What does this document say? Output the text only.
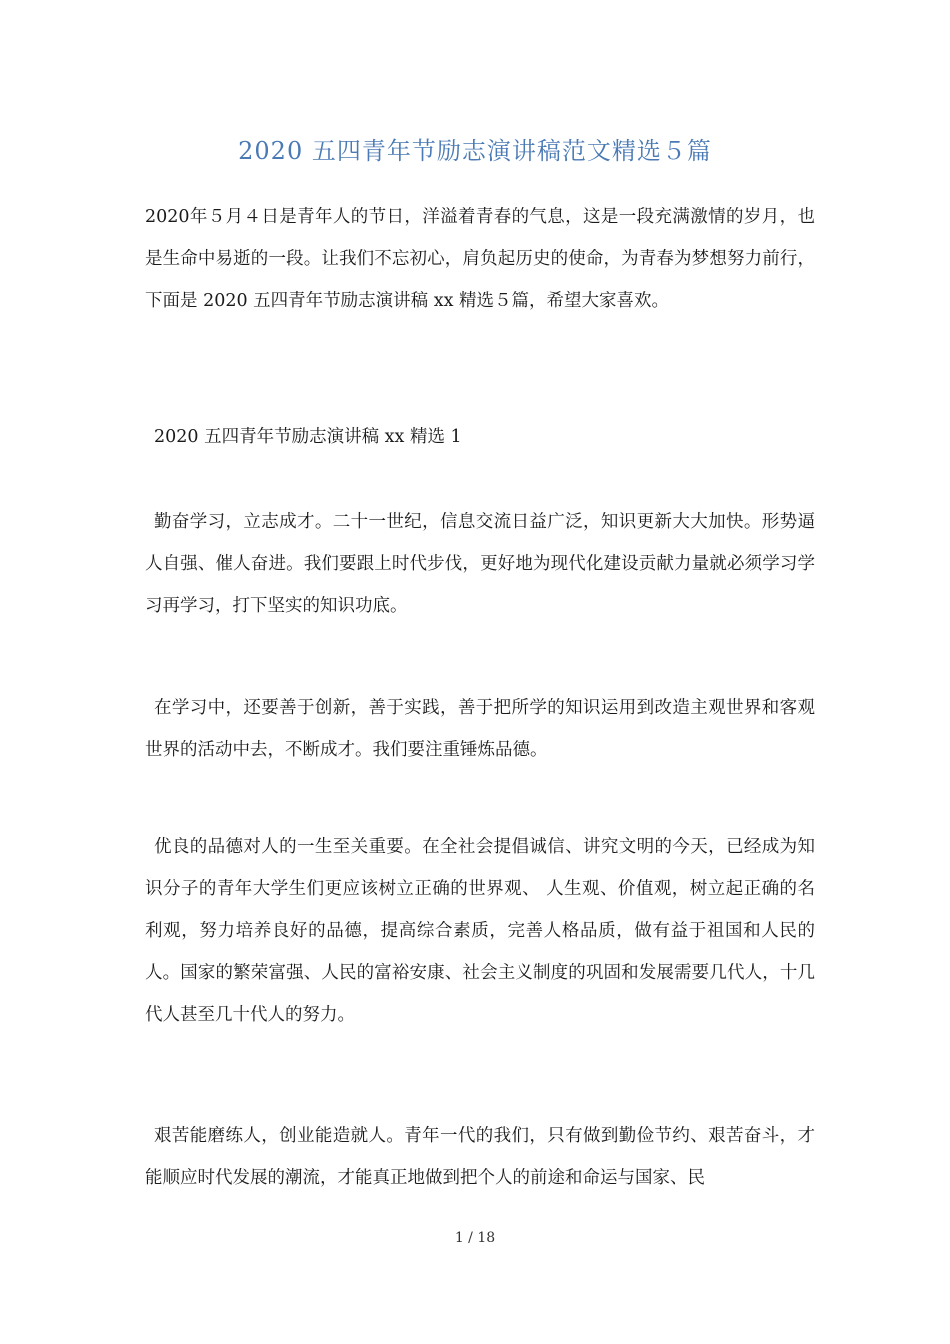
2020 五四青年节励志演讲稿范文精选５篇

2020年５月４日是青年人的节日，洋溢着青春的气息，这是一段充满激情的岁月，也是生命中易逝的一段。让我们不忘初心，肩负起历史的使命，为青春为梦想努力前行，下面是 2020 五四青年节励志演讲稿 xx 精选５篇，希望大家喜欢。

2020 五四青年节励志演讲稿 xx 精选 1

勤奋学习，立志成才。二十一世纪，信息交流日益广泛，知识更新大大加快。形势逼人自强、催人奋进。我们要跟上时代步伐，更好地为现代化建设贡献力量就必须学习学习再学习，打下坚实的知识功底。

在学习中，还要善于创新，善于实践，善于把所学的知识运用到改造主观世界和客观世界的活动中去，不断成才。我们要注重锤炼品德。

优良的品德对人的一生至关重要。在全社会提倡诚信、讲究文明的今天，已经成为知识分子的青年大学生们更应该树立正确的世界观、 人生观、价值观，树立起正确的名利观，努力培养良好的品德，提高综合素质，完善人格品质，做有益于祖国和人民的人。国家的繁荣富强、人民的富裕安康、社会主义制度的巩固和发展需要几代人，十几代人甚至几十代人的努力。

艰苦能磨练人，创业能造就人。青年一代的我们，只有做到勤俭节约、艰苦奋斗，才能顺应时代发展的潮流，才能真正地做到把个人的前途和命运与国家、民

1 / 18
